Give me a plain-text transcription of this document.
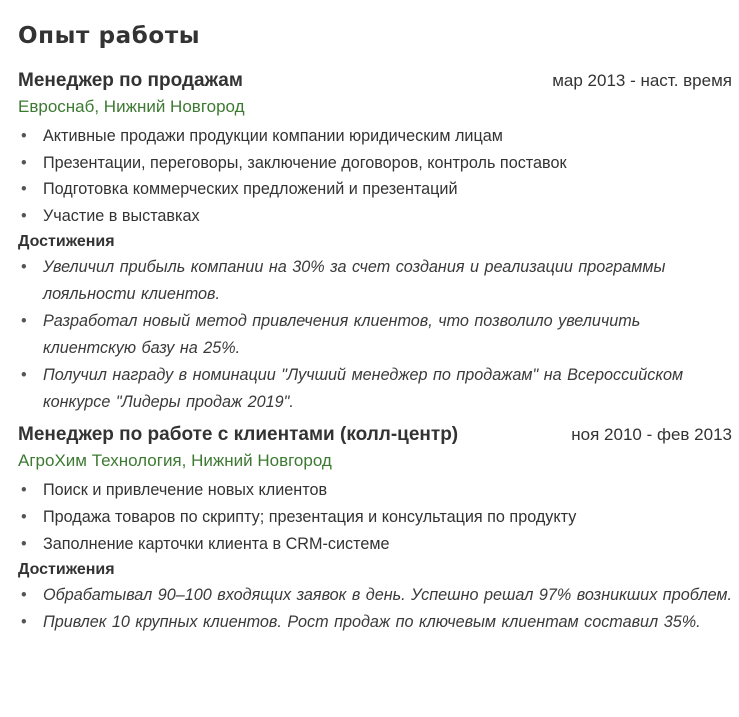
Опыт работы
Менеджер по продажам	мар 2013 - наст. время
Евроснаб, Нижний Новгород
• Активные продажи продукции компании юридическим лицам
• Презентации, переговоры, заключение договоров, контроль поставок
• Подготовка коммерческих предложений и презентаций
• Участие в выставках
Достижения
• Увеличил прибыль компании на 30% за счет создания и реализации программы лояльности клиентов.
• Разработал новый метод привлечения клиентов, что позволило увеличить клиентскую базу на 25%.
• Получил награду в номинации "Лучший менеджер по продажам" на Всероссийском конкурсе "Лидеры продаж 2019".
Менеджер по работе с клиентами (колл-центр)	ноя 2010 - фев 2013
АгроХим Технология, Нижний Новгород
• Поиск и привлечение новых клиентов
• Продажа товаров по скрипту; презентация и консультация по продукту
• Заполнение карточки клиента в CRM-системе
Достижения
• Обрабатывал 90–100 входящих заявок в день. Успешно решал 97% возникших проблем.
• Привлек 10 крупных клиентов. Рост продаж по ключевым клиентам составил 35%.
